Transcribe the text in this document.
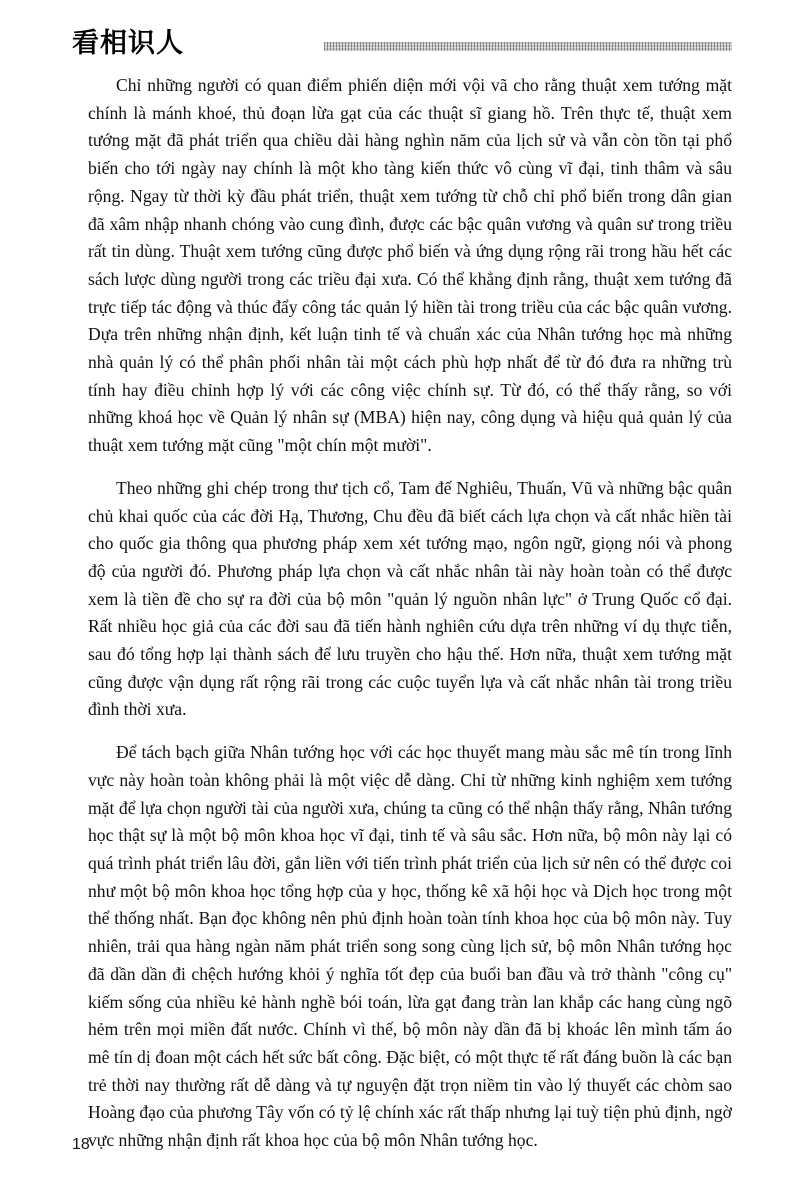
看相识人

Chỉ những người có quan điểm phiến diện mới vội vã cho rằng thuật xem tướng mặt chính là mánh khoé, thủ đoạn lừa gạt của các thuật sĩ giang hồ. Trên thực tế, thuật xem tướng mặt đã phát triển qua chiều dài hàng nghìn năm của lịch sử và vẫn còn tồn tại phổ biến cho tới ngày nay chính là một kho tàng kiến thức vô cùng vĩ đại, tinh thâm và sâu rộng. Ngay từ thời kỳ đầu phát triển, thuật xem tướng từ chỗ chỉ phổ biến trong dân gian đã xâm nhập nhanh chóng vào cung đình, được các bậc quân vương và quân sư trong triều rất tin dùng. Thuật xem tướng cũng được phổ biến và ứng dụng rộng rãi trong hầu hết các sách lược dùng người trong các triều đại xưa. Có thể khẳng định rằng, thuật xem tướng đã trực tiếp tác động và thúc đẩy công tác quản lý hiền tài trong triều của các bậc quân vương. Dựa trên những nhận định, kết luận tinh tế và chuẩn xác của Nhân tướng học mà những nhà quản lý có thể phân phối nhân tài một cách phù hợp nhất để từ đó đưa ra những trù tính hay điều chỉnh hợp lý với các công việc chính sự. Từ đó, có thể thấy rằng, so với những khoá học về Quản lý nhân sự (MBA) hiện nay, công dụng và hiệu quả quản lý của thuật xem tướng mặt cũng "một chín một mười".

Theo những ghi chép trong thư tịch cổ, Tam đế Nghiêu, Thuấn, Vũ và những bậc quân chủ khai quốc của các đời Hạ, Thương, Chu đều đã biết cách lựa chọn và cất nhắc hiền tài cho quốc gia thông qua phương pháp xem xét tướng mạo, ngôn ngữ, giọng nói và phong độ của người đó. Phương pháp lựa chọn và cất nhắc nhân tài này hoàn toàn có thể được xem là tiền đề cho sự ra đời của bộ môn "quản lý nguồn nhân lực" ở Trung Quốc cổ đại. Rất nhiều học giả của các đời sau đã tiến hành nghiên cứu dựa trên những ví dụ thực tiễn, sau đó tổng hợp lại thành sách để lưu truyền cho hậu thế. Hơn nữa, thuật xem tướng mặt cũng được vận dụng rất rộng rãi trong các cuộc tuyển lựa và cất nhắc nhân tài trong triều đình thời xưa.

Để tách bạch giữa Nhân tướng học với các học thuyết mang màu sắc mê tín trong lĩnh vực này hoàn toàn không phải là một việc dễ dàng. Chỉ từ những kinh nghiệm xem tướng mặt để lựa chọn người tài của người xưa, chúng ta cũng có thể nhận thấy rằng, Nhân tướng học thật sự là một bộ môn khoa học vĩ đại, tinh tế và sâu sắc. Hơn nữa, bộ môn này lại có quá trình phát triển lâu đời, gắn liền với tiến trình phát triển của lịch sử nên có thể được coi như một bộ môn khoa học tổng hợp của y học, thống kê xã hội học và Dịch học trong một thể thống nhất. Bạn đọc không nên phủ định hoàn toàn tính khoa học của bộ môn này. Tuy nhiên, trải qua hàng ngàn năm phát triển song song cùng lịch sử, bộ môn Nhân tướng học đã dần dần đi chệch hướng khỏi ý nghĩa tốt đẹp của buổi ban đầu và trở thành "công cụ" kiếm sống của nhiều kẻ hành nghề bói toán, lừa gạt đang tràn lan khắp các hang cùng ngõ hẻm trên mọi miền đất nước. Chính vì thế, bộ môn này dần đã bị khoác lên mình tấm áo mê tín dị đoan một cách hết sức bất công. Đặc biệt, có một thực tế rất đáng buồn là các bạn trẻ thời nay thường rất dễ dàng và tự nguyện đặt trọn niềm tin vào lý thuyết các chòm sao Hoàng đạo của phương Tây vốn có tỷ lệ chính xác rất thấp nhưng lại tuỳ tiện phủ định, ngờ vực những nhận định rất khoa học của bộ môn Nhân tướng học.

18
